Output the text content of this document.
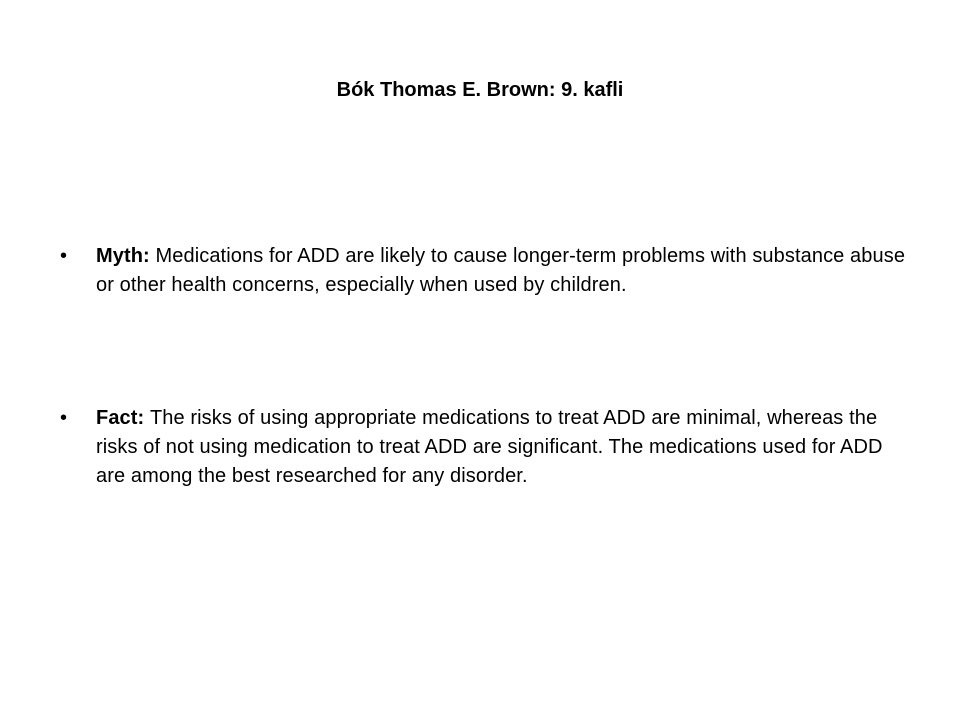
Bók Thomas E. Brown: 9. kafli
•	Myth: Medications for ADD are likely to cause longer-term problems with substance abuse or other health concerns, especially when used by children.
•	Fact: The risks of using appropriate medications to treat ADD are minimal, whereas the risks of not using medication to treat ADD are significant. The medications used for ADD are among the best researched for any disorder.
